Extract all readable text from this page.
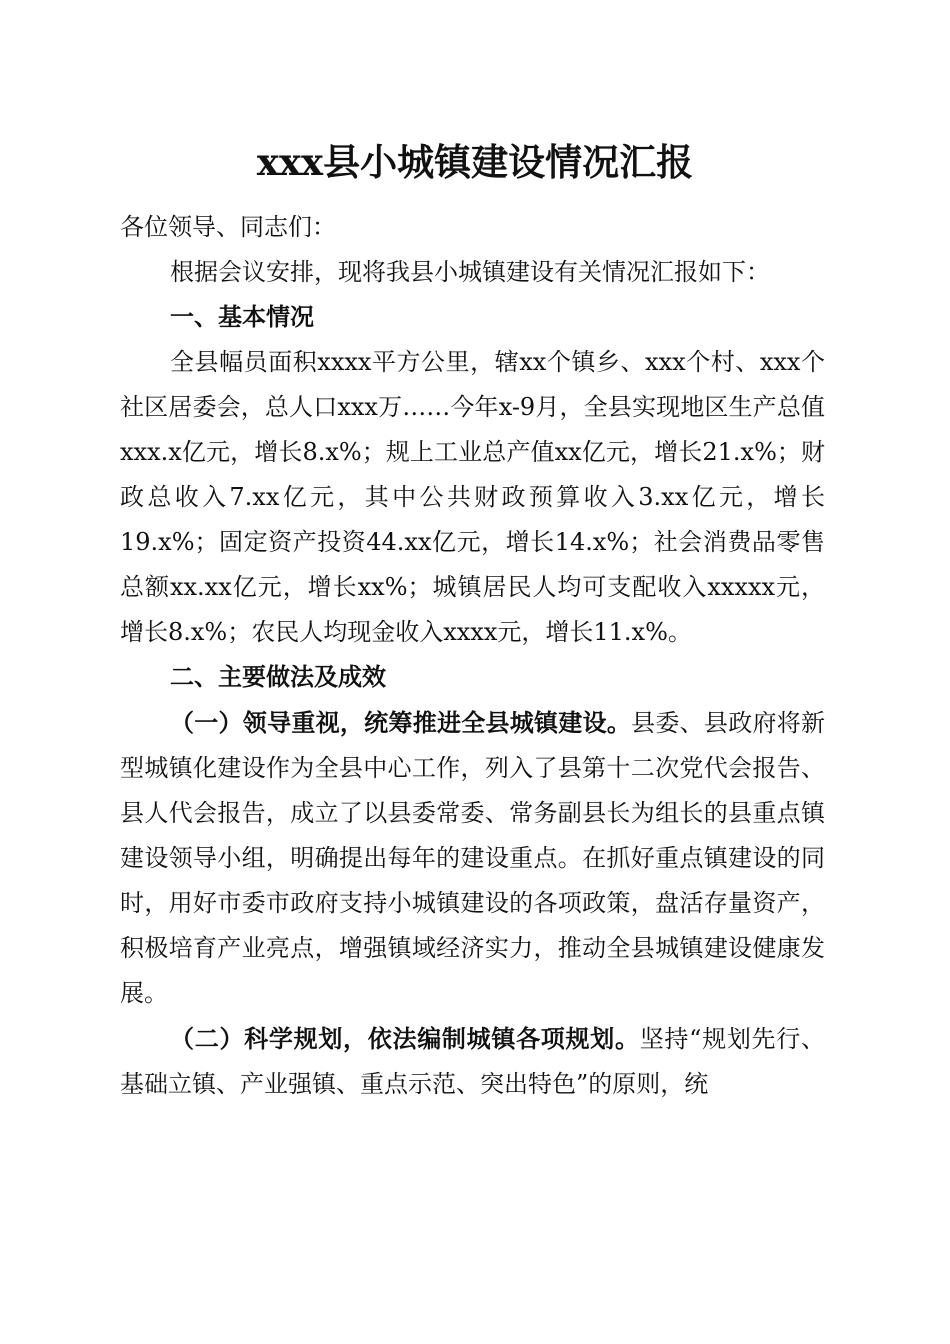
xxx县小城镇建设情况汇报

各位领导、同志们：

根据会议安排，现将我县小城镇建设有关情况汇报如下：

一、基本情况

全县幅员面积xxxx平方公里，辖xx个镇乡、xxx个村、xxx个社区居委会，总人口xxx万……今年x-9月，全县实现地区生产总值xxx.x亿元，增长8.x%；规上工业总产值xx亿元，增长21.x%；财政总收入7.xx亿元，其中公共财政预算收入3.xx亿元，增长19.x%；固定资产投资44.xx亿元，增长14.x%；社会消费品零售总额xx.xx亿元，增长xx%；城镇居民人均可支配收入xxxxx元，增长8.x%；农民人均现金收入xxxx元，增长11.x%。

二、主要做法及成效

（一）领导重视，统筹推进全县城镇建设。县委、县政府将新型城镇化建设作为全县中心工作，列入了县第十二次党代会报告、县人代会报告，成立了以县委常委、常务副县长为组长的县重点镇建设领导小组，明确提出每年的建设重点。在抓好重点镇建设的同时，用好市委市政府支持小城镇建设的各项政策，盘活存量资产，积极培育产业亮点，增强镇域经济实力，推动全县城镇建设健康发展。

（二）科学规划，依法编制城镇各项规划。坚持“规划先行、基础立镇、产业强镇、重点示范、突出特色”的原则，统
